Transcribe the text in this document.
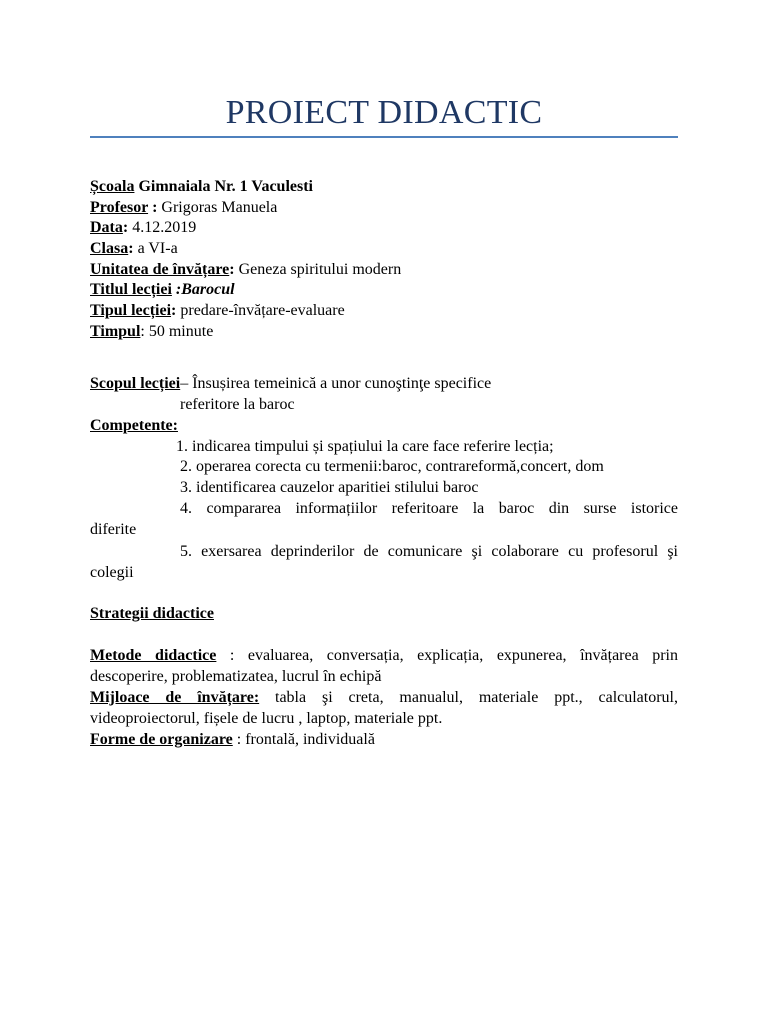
PROIECT DIDACTIC
Școala Gimnaiala Nr. 1 Vaculesti
Profesor : Grigoras Manuela
Data: 4.12.2019
Clasa: a VI-a
Unitatea de învățare: Geneza spiritului modern
Titlul lecției :Barocul
Tipul lecției: predare-învățare-evaluare
Timpul: 50 minute
Scopul lecției– Însușirea temeinică a unor cunoştinţe specifice
referitore la baroc
Competente:
1. indicarea timpului și spațiului la care face referire lecția;
2. operarea corecta cu termenii:baroc, contrareformă,concert, dom
3. identificarea cauzelor aparitiei stilului baroc
4. compararea informațiilor referitoare la baroc din surse istorice
diferite
5. exersarea deprinderilor de comunicare şi colaborare cu profesorul şi
colegii
Strategii didactice
Metode didactice : evaluarea, conversația, explicația, expunerea, învățarea prin
descoperire, problematizatea, lucrul în echipă
Mijloace de învățare: tabla şi creta, manualul, materiale ppt., calculatorul,
videoproiectorul, fișele de lucru , laptop, materiale ppt.
Forme de organizare : frontală, individuală
